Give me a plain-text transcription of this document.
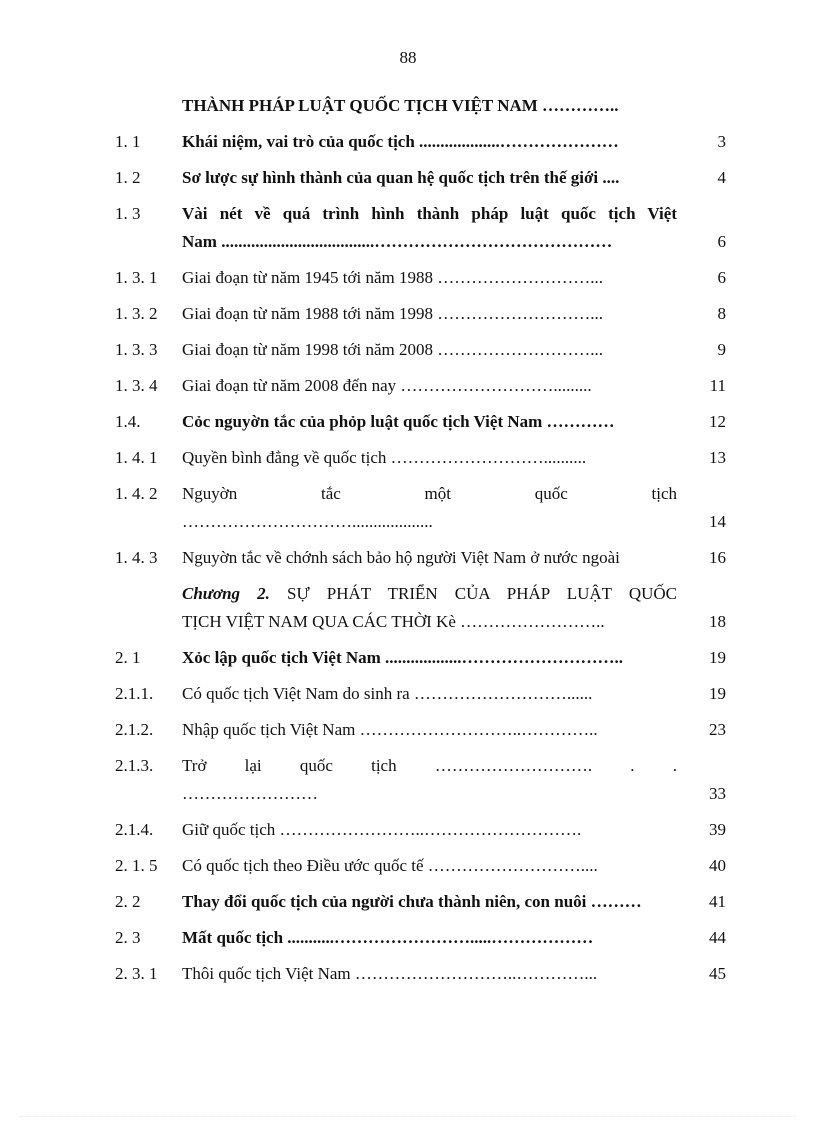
88
THÀNH PHÁP LUẬT QUỐC TỊCH VIỆT NAM …………..
1. 1 Khái niệm, vai trò của quốc tịch ...................…………………	3
1. 2 Sơ lược sự hình thành của quan hệ quốc tịch trên thế giới ....	4
1. 3 Vài nét về quá trình hình thành pháp luật quốc tịch Việt
Nam ....................................……………………………………	6
1. 3. 1 Giai đoạn từ năm 1945 tới năm 1988 ………………………...	6
1. 3. 2 Giai đoạn từ năm 1988 tới năm 1998 ………………………...	8
1. 3. 3 Giai đoạn từ năm 1998 tới năm 2008 ………………………...	9
1. 3. 4 Giai đoạn từ năm 2008 đến nay ……………………….........	11
1.4. Cỏc nguyờn tắc của phỏp luật quốc tịch Việt Nam …………	12
1. 4. 1 Quyền bình đẳng về quốc tịch ………………………..........	13
1. 4. 2 Nguyờn tắc một quốc tịch
…………………………...................	14
1. 4. 3 Nguyờn tắc về chớnh sách bảo hộ người Việt Nam ở nước ngoài	16
Chương 2. SỰ PHÁT TRIỂN CỦA PHÁP LUẬT QUỐC
TỊCH VIỆT NAM QUA CÁC THỜI Kè ……………………..	18
2. 1 Xỏc lập quốc tịch Việt Nam ..................………………………..	19
2.1.1. Có quốc tịch Việt Nam do sinh ra ………………………......	19
2.1.2. Nhập quốc tịch Việt Nam ………………………..…………..	23
2.1.3. Trở lại quốc tịch ………………………. . .
……………………	33
2.1.4. Giữ quốc tịch ……………………..……………………….	39
2. 1. 5 Có quốc tịch theo Điều ước quốc tế ………………………....	40
2. 2 Thay đổi quốc tịch của người chưa thành niên, con nuôi ………	41
2. 3 Mất quốc tịch ...........…………………….....………………	44
2. 3. 1 Thôi quốc tịch Việt Nam ………………………..…………...	45
